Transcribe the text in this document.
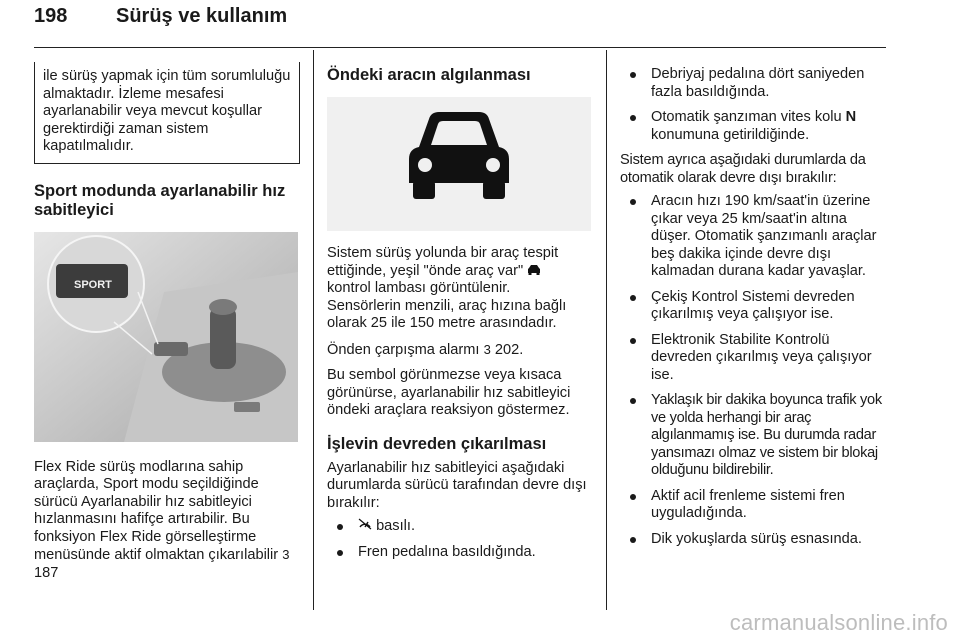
198 Sürüş ve kullanım

ile sürüş yapmak için tüm sorumluluğu almaktadır. İzleme mesafesi ayarlanabilir veya mevcut koşullar gerektirdiği zaman sistem kapatılmalıdır.

Sport modunda ayarlanabilir hız sabitleyici
SPORT

Flex Ride sürüş modlarına sahip araçlarda, Sport modu seçildiğinde sürücü Ayarlanabilir hız sabitleyici hızlanmasını hafifçe artırabilir. Bu fonksiyon Flex Ride görselleştirme menüsünde aktif olmaktan çıkarılabilir 3 187

Öndeki aracın algılanması

Sistem sürüş yolunda bir araç tespit ettiğinde, yeşil "önde araç var"
kontrol lambası görüntülenir.
Sensörlerin menzili, araç hızına bağlı olarak 25 ile 150 metre arasındadır.

Önden çarpışma alarmı 3 202.

Bu sembol görünmezse veya kısaca görünürse, ayarlanabilir hız sabitleyici öndeki araçlara reaksiyon göstermez.

İşlevin devreden çıkarılması

Ayarlanabilir hız sabitleyici aşağıdaki durumlarda sürücü tarafından devre dışı bırakılır:

basılı.
Fren pedalına basıldığında.
Debriyaj pedalına dört saniyeden fazla basıldığında.
Otomatik şanzıman vites kolu N konumuna getirildiğinde.

Sistem ayrıca aşağıdaki durumlarda da otomatik olarak devre dışı bırakılır:

Aracın hızı 190 km/saat'in üzerine çıkar veya 25 km/saat'in altına düşer. Otomatik şanzımanlı araçlar beş dakika içinde devre dışı kalmadan durana kadar yavaşlar.
Çekiş Kontrol Sistemi devreden çıkarılmış veya çalışıyor ise.
Elektronik Stabilite Kontrolü devreden çıkarılmış veya çalışıyor ise.
Yaklaşık bir dakika boyunca trafik yok ve yolda herhangi bir araç algılanmamış ise. Bu durumda radar yansımazı olmaz ve sistem bir blokaj olduğunu bildirebilir.
Aktif acil frenleme sistemi fren uyguladığında.
Dik yokuşlarda sürüş esnasında.
carmanualsonline.info
